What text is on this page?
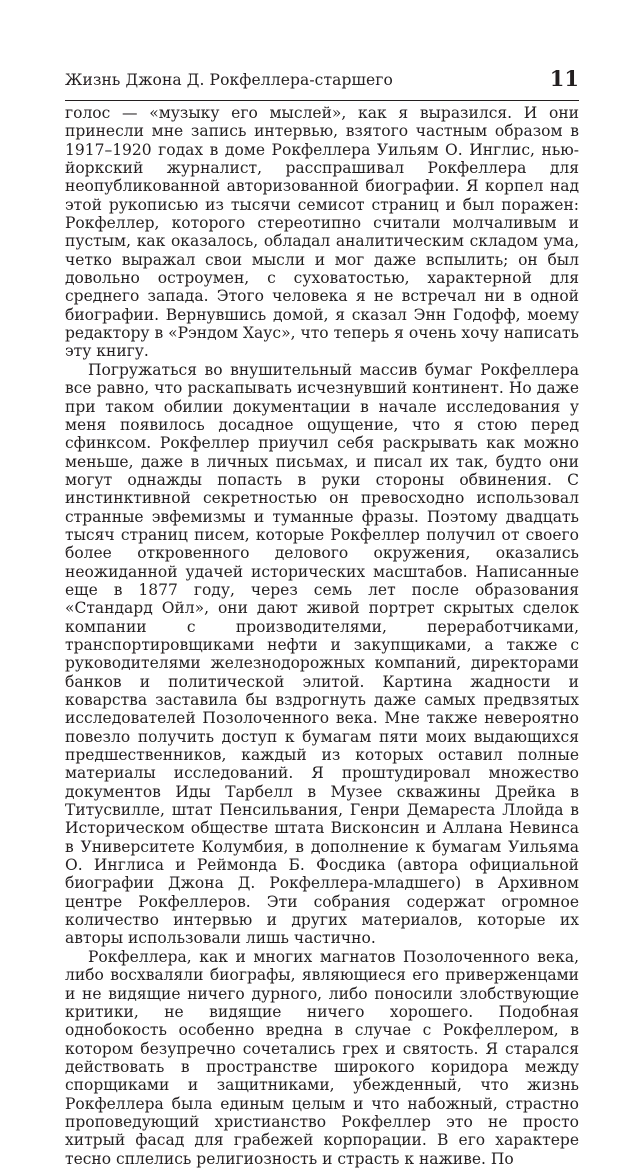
Жизнь Джона Д. Рокфеллера-старшего	11

голос — «музыку его мыслей», как я выразился. И они принесли мне запись интервью, взятого частным образом в 1917–1920 годах в доме Рокфеллера Уильям О. Инглис, нью-йоркский журналист, расспрашивал Рокфеллера для неопубликованной авторизованной биографии. Я корпел над этой рукописью из тысячи семисот страниц и был поражен: Рокфеллер, которого стереотипно считали молчаливым и пустым, как оказалось, обладал аналитическим складом ума, четко выражал свои мысли и мог даже вспылить; он был довольно остроумен, с суховатостью, характерной для среднего запада. Этого человека я не встречал ни в одной биографии. Вернувшись домой, я сказал Энн Годофф, моему редактору в «Рэндом Хаус», что теперь я очень хочу написать эту книгу.

Погружаться во внушительный массив бумаг Рокфеллера все равно, что раскапывать исчезнувший континент. Но даже при таком обилии документации в начале исследования у меня появилось досадное ощущение, что я стою перед сфинксом. Рокфеллер приучил себя раскрывать как можно меньше, даже в личных письмах, и писал их так, будто они могут однажды попасть в руки стороны обвинения. С инстинктивной секретностью он превосходно использовал странные эвфемизмы и туманные фразы. Поэтому двадцать тысяч страниц писем, которые Рокфеллер получил от своего более откровенного делового окружения, оказались неожиданной удачей исторических масштабов. Написанные еще в 1877 году, через семь лет после образования «Стандард Ойл», они дают живой портрет скрытых сделок компании с производителями, переработчиками, транспортировщиками нефти и закупщиками, а также с руководителями железнодорожных компаний, директорами банков и политической элитой. Картина жадности и коварства заставила бы вздрогнуть даже самых предвзятых исследователей Позолоченного века. Мне также невероятно повезло получить доступ к бумагам пяти моих выдающихся предшественников, каждый из которых оставил полные материалы исследований. Я проштудировал множество документов Иды Тарбелл в Музее скважины Дрейка в Титусвилле, штат Пенсильвания, Генри Демареста Ллойда в Историческом обществе штата Висконсин и Аллана Невинса в Университете Колумбия, в дополнение к бумагам Уильяма О. Инглиса и Реймонда Б. Фосдика (автора официальной биографии Джона Д. Рокфеллера-младшего) в Архивном центре Рокфеллеров. Эти собрания содержат огромное количество интервью и других материалов, которые их авторы использовали лишь частично.

Рокфеллера, как и многих магнатов Позолоченного века, либо восхваляли биографы, являющиеся его приверженцами и не видящие ничего дурного, либо поносили злобствующие критики, не видящие ничего хорошего. Подобная однобокость особенно вредна в случае с Рокфеллером, в котором безупречно сочетались грех и святость. Я старался действовать в пространстве широкого коридора между спорщиками и защитниками, убежденный, что жизнь Рокфеллера была единым целым и что набожный, страстно проповедующий христианство Рокфеллер это не просто хитрый фасад для грабежей корпорации. В его характере тесно сплелись религиозность и страсть к наживе. По
